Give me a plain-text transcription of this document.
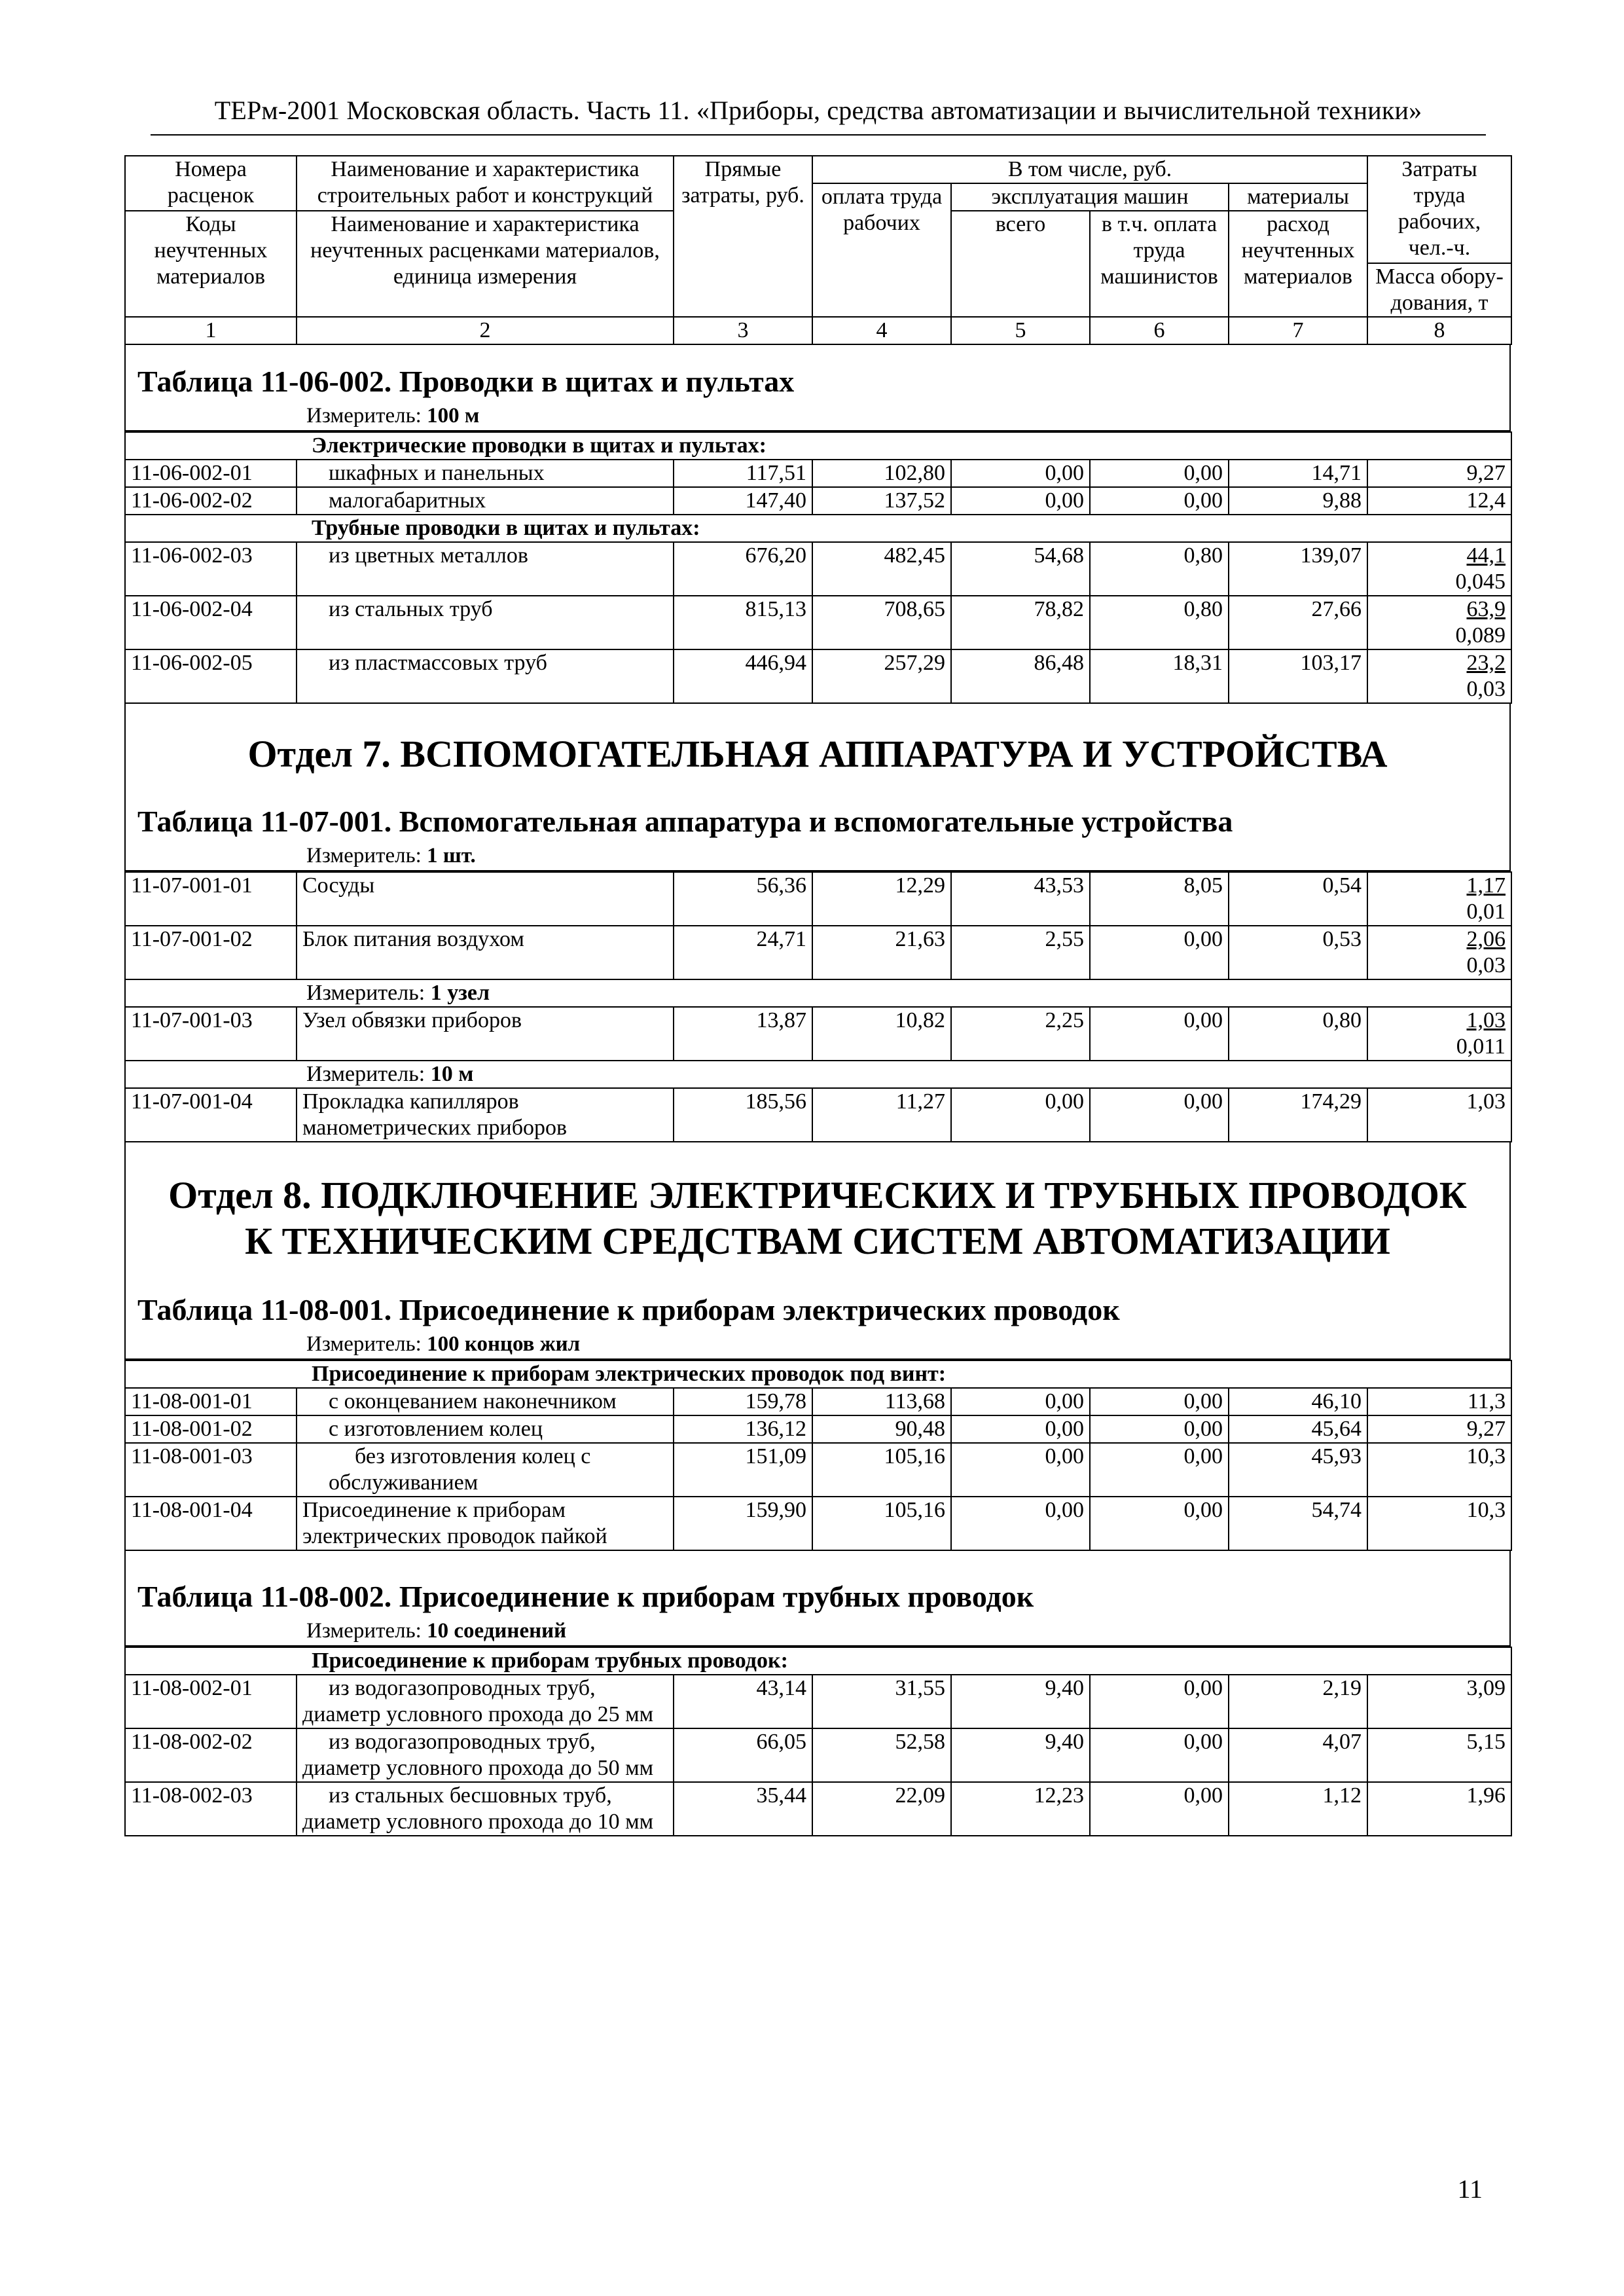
ТЕРм-2001 Московская область. Часть 11. «Приборы, средства автоматизации и вычислительной техники»
Номера расценок	Наименование и характеристика строительных работ и конструкций	Прямые затраты, руб.	В том числе, руб.				Затраты труда рабочих, чел.-ч.
			оплата труда рабочих	эксплуатация машин		материалы	
Коды неучтенных материалов	Наименование и характеристика неучтенных расценками материалов, единица измерения			всего	в т.ч. оплата труда машинистов	расход неучтенных материалов	
							Масса обору-дования, т
1	2	3	4	5	6	7	8

Таблица 11-06-002. Проводки в щитах и пультах

Измеритель: 100 м
Электрические проводки в щитах и пультах:							
11-06-002-01	шкафных и панельных	117,51	102,80	0,00	0,00	14,71	9,27
11-06-002-02	малогабаритных	147,40	137,52	0,00	0,00	9,88	12,4
Трубные проводки в щитах и пультах:							
11-06-002-03	из цветных металлов	676,20	482,45	54,68	0,80	139,07	44,1
0,045
11-06-002-04	из стальных труб	815,13	708,65	78,82	0,80	27,66	63,9
0,089
11-06-002-05	из пластмассовых труб	446,94	257,29	86,48	18,31	103,17	23,2
0,03

Отдел 7. ВСПОМОГАТЕЛЬНАЯ АППАРАТУРА И УСТРОЙСТВА

Таблица 11-07-001. Вспомогательная аппаратура и вспомогательные устройства

Измеритель: 1 шт.
11-07-001-01	Сосуды	56,36	12,29	43,53	8,05	0,54	1,17
0,01
11-07-001-02	Блок питания воздухом	24,71	21,63	2,55	0,00	0,53	2,06
0,03
Измеритель: 1 узел							
11-07-001-03	Узел обвязки приборов	13,87	10,82	2,25	0,00	0,80	1,03
0,011
Измеритель: 10 м							
11-07-001-04	Прокладка капилляров манометрических приборов	185,56	11,27	0,00	0,00	174,29	1,03

Отдел 8. ПОДКЛЮЧЕНИЕ ЭЛЕКТРИЧЕСКИХ И ТРУБНЫХ ПРОВОДОК

К ТЕХНИЧЕСКИМ СРЕДСТВАМ СИСТЕМ АВТОМАТИЗАЦИИ

Таблица 11-08-001. Присоединение к приборам электрических проводок

Измеритель: 100 концов жил
Присоединение к приборам электрических проводок под винт:							
11-08-001-01	с оконцеванием наконечником	159,78	113,68	0,00	0,00	46,10	11,3
11-08-001-02	с изготовлением колец	136,12	90,48	0,00	0,00	45,64	9,27
11-08-001-03	без изготовления колец с обслуживанием	151,09	105,16	0,00	0,00	45,93	10,3
11-08-001-04	Присоединение к приборам электрических проводок пайкой	159,90	105,16	0,00	0,00	54,74	10,3

Таблица 11-08-002. Присоединение к приборам трубных проводок

Измеритель: 10 соединений
Присоединение к приборам трубных проводок:							
11-08-002-01	из водогазопроводных труб, диаметр условного прохода до 25 мм	43,14	31,55	9,40	0,00	2,19	3,09
11-08-002-02	из водогазопроводных труб, диаметр условного прохода до 50 мм	66,05	52,58	9,40	0,00	4,07	5,15
11-08-002-03	из стальных бесшовных труб, диаметр условного прохода до 10 мм	35,44	22,09	12,23	0,00	1,12	1,96
11
